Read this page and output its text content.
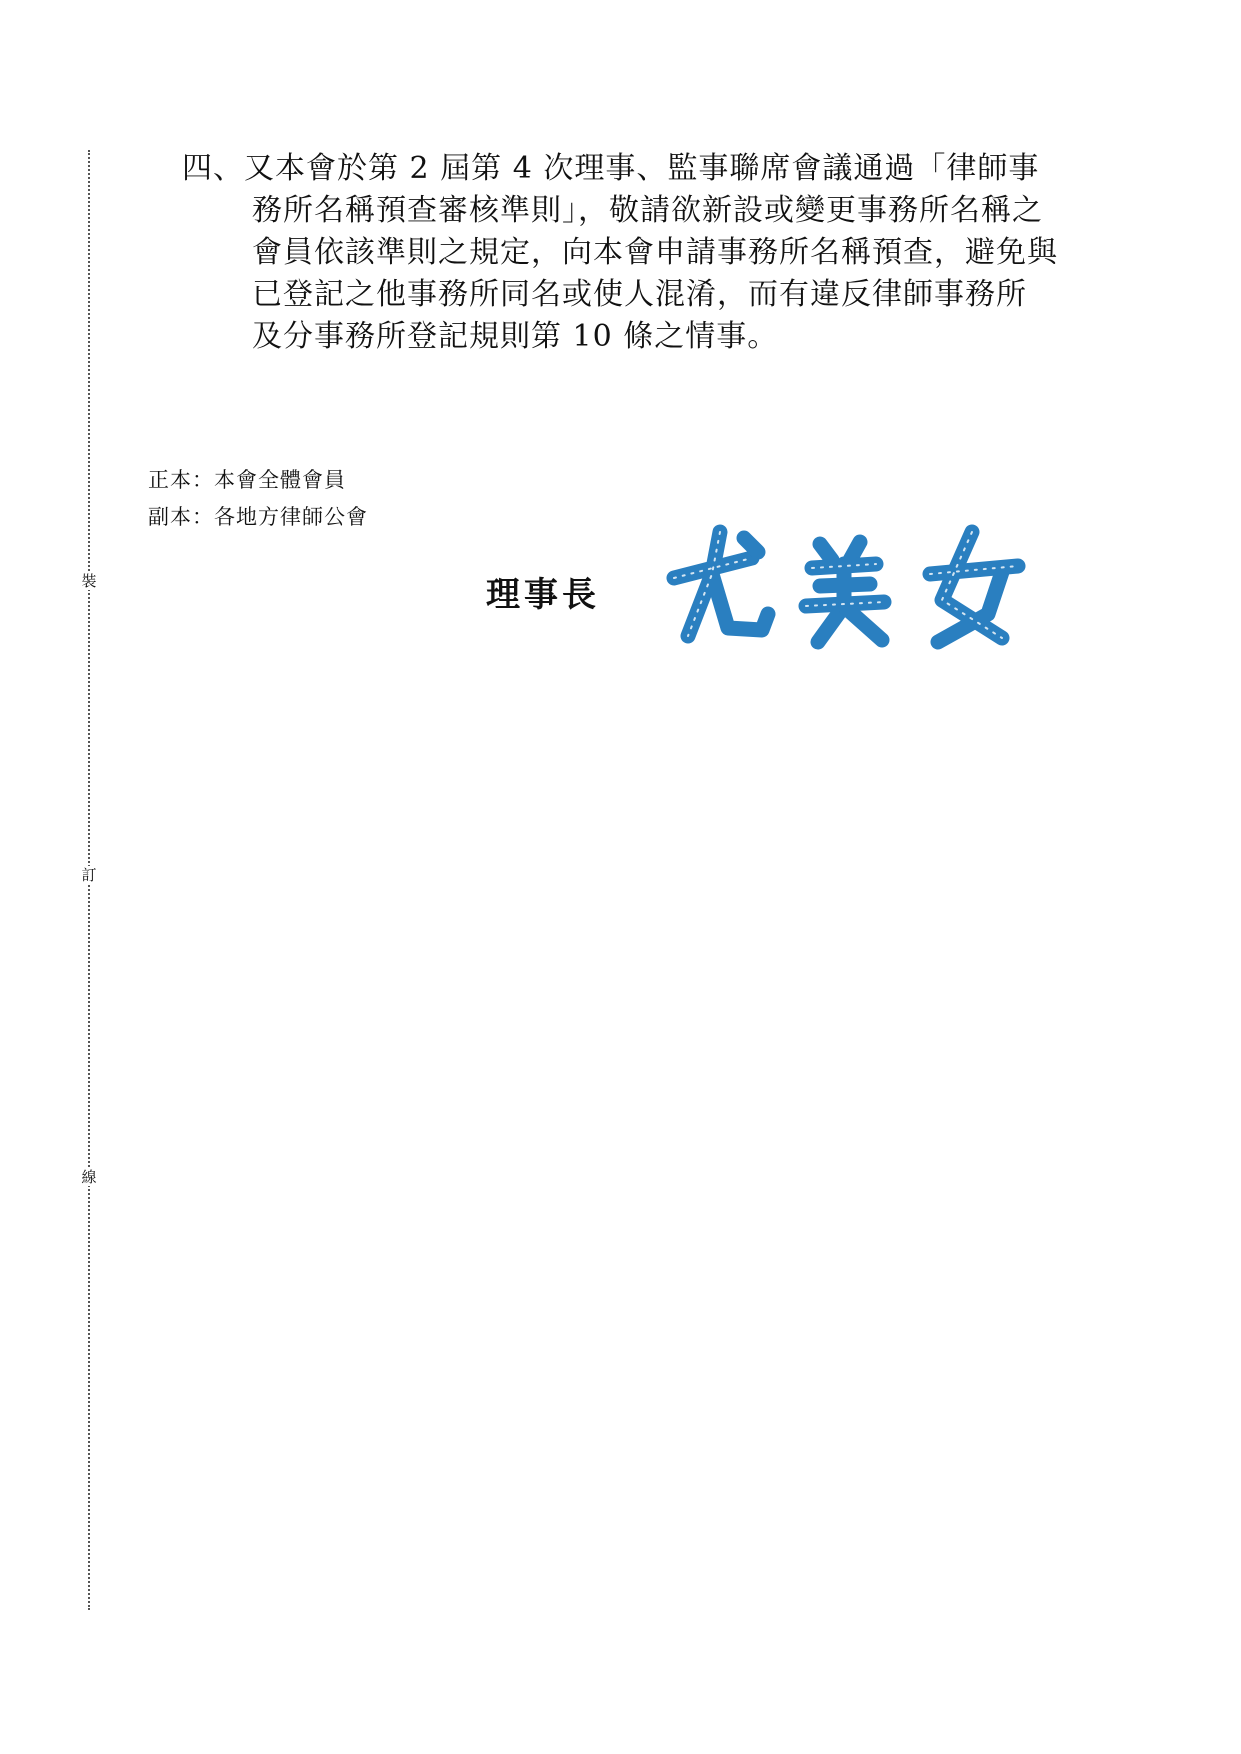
裝
訂
線
四、又本會於第 2 屆第 4 次理事、監事聯席會議通過「律師事
務所名稱預查審核準則」，敬請欲新設或變更事務所名稱之
會員依該準則之規定，向本會申請事務所名稱預查，避免與
已登記之他事務所同名或使人混淆，而有違反律師事務所
及分事務所登記規則第 10 條之情事。
正本：本會全體會員
副本：各地方律師公會
理事長
